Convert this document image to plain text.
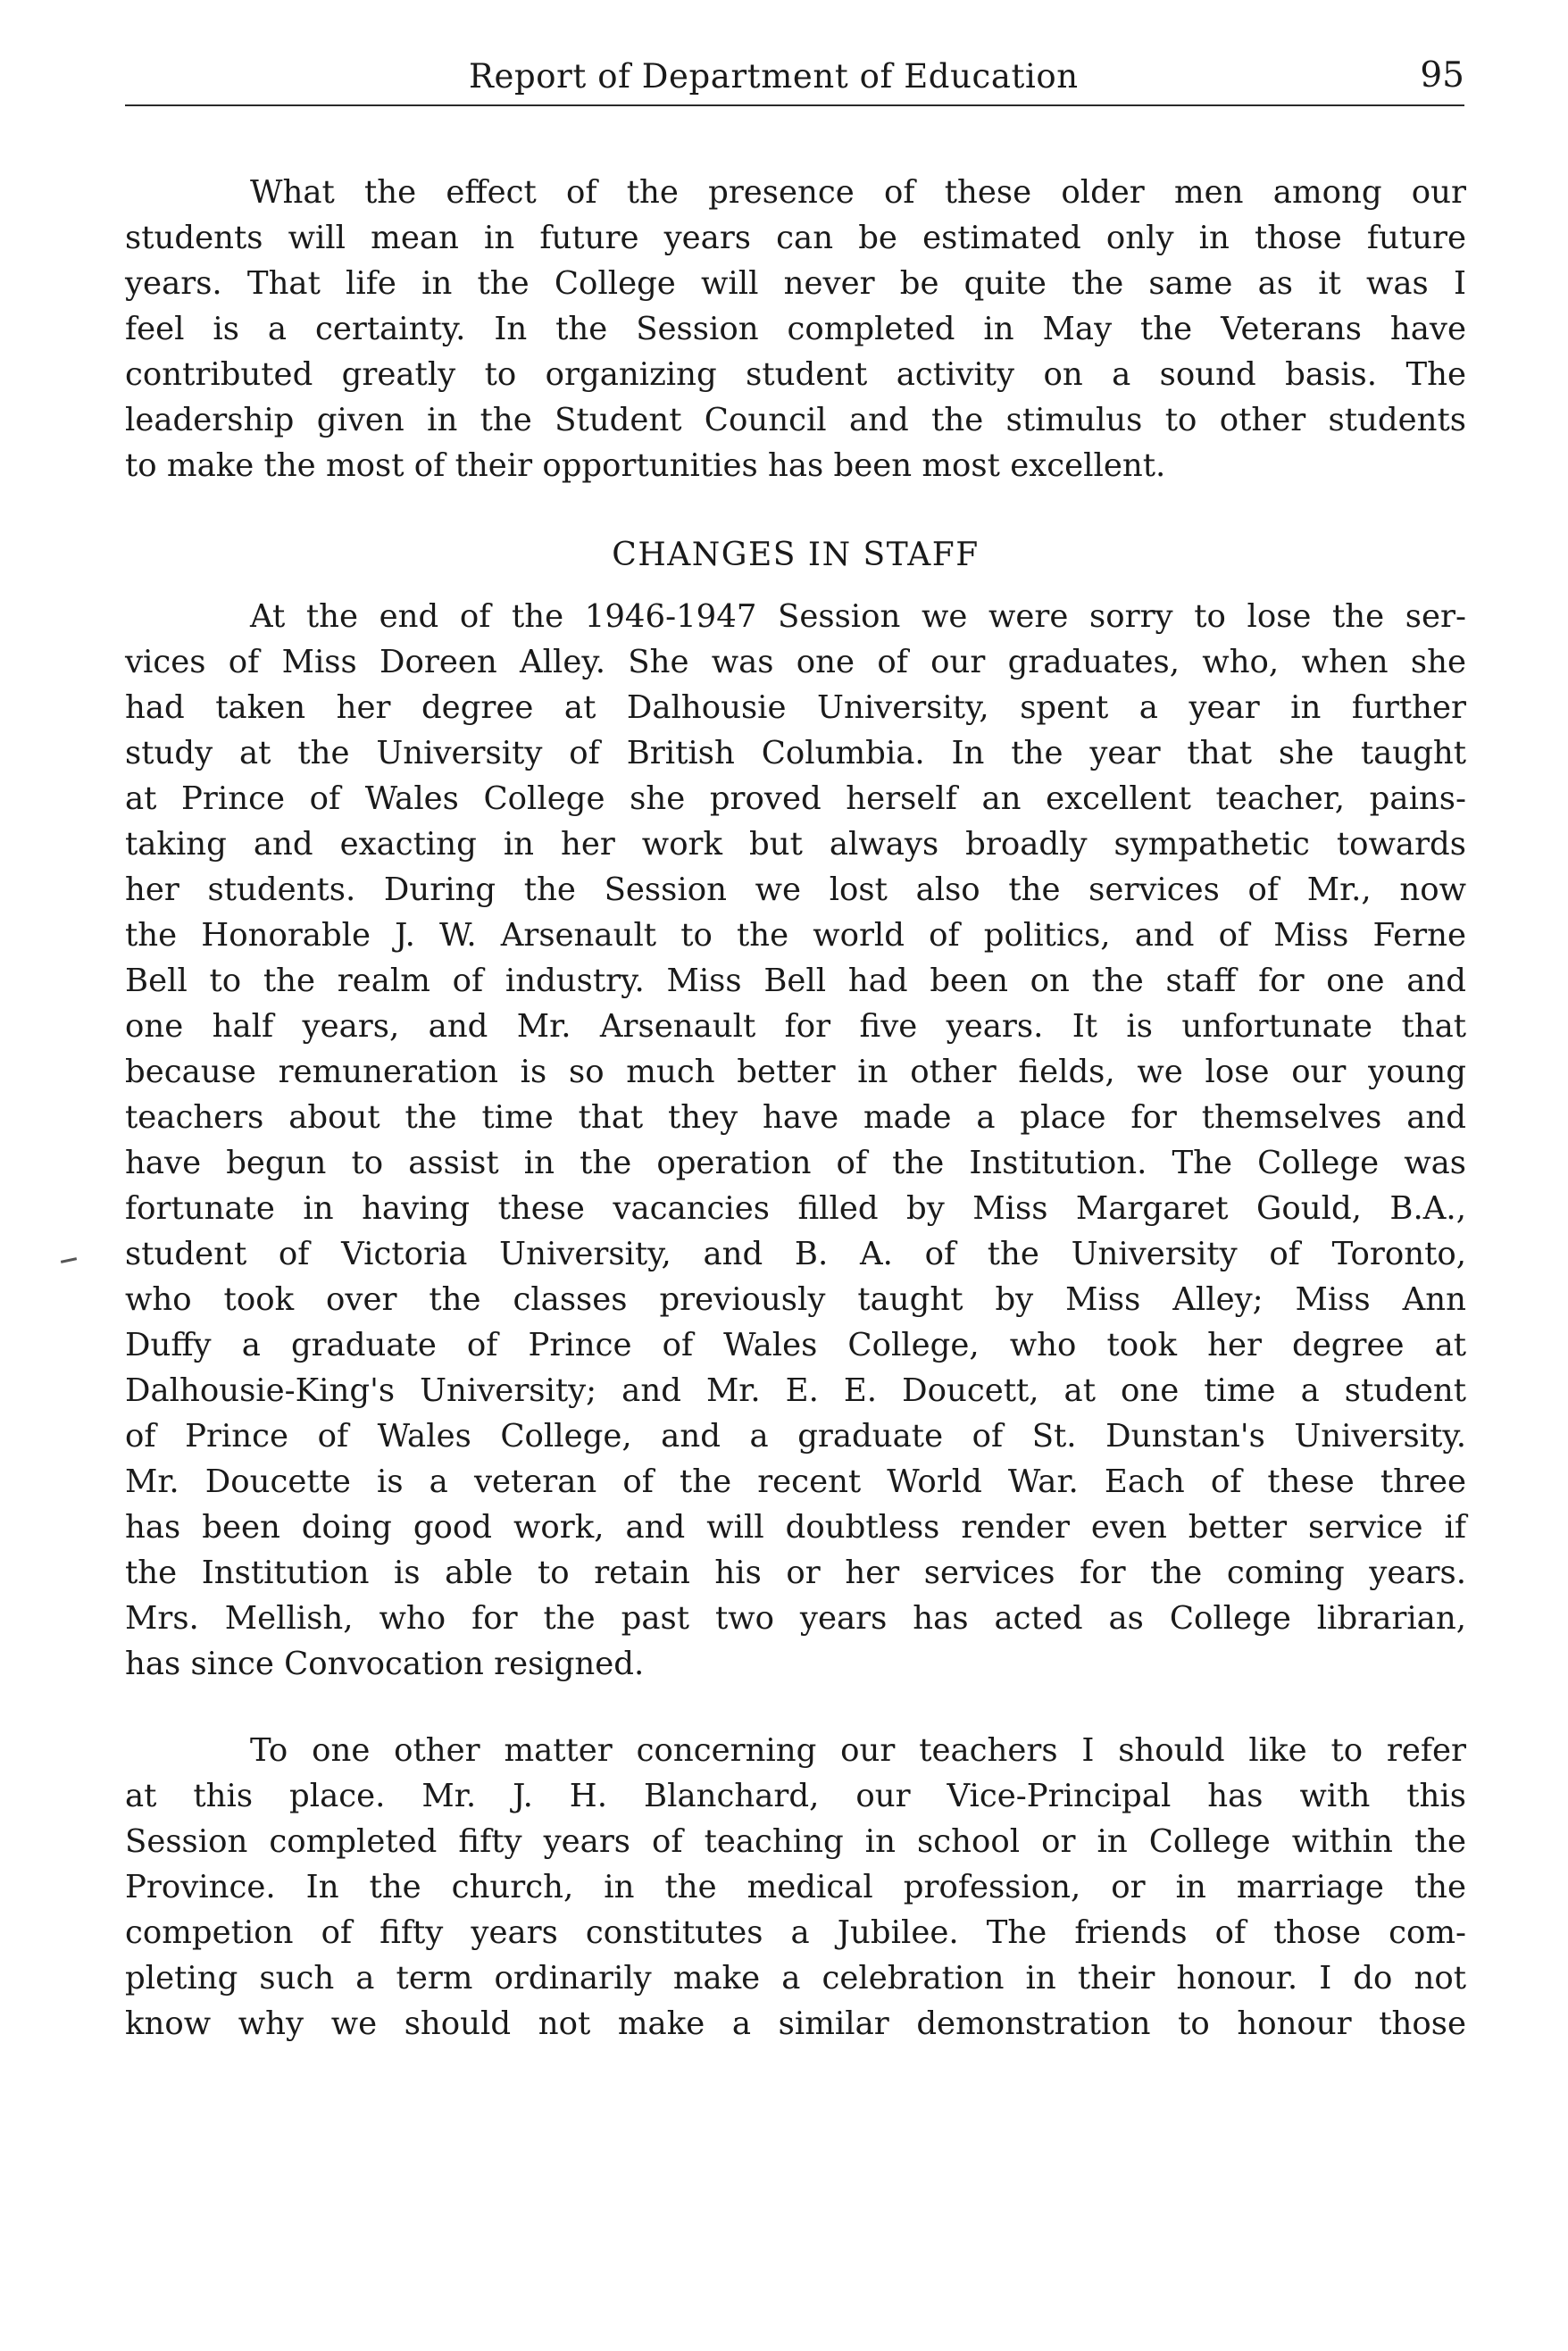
Report of Department of Education	95
What the effect of the presence of these older men among our
students will mean in future years can be estimated only in those future
years. That life in the College will never be quite the same as it was I
feel is a certainty. In the Session completed in May the Veterans have
contributed greatly to organizing student activity on a sound basis. The
leadership given in the Student Council and the stimulus to other students
to make the most of their opportunities has been most excellent.
CHANGES IN STAFF
At the end of the 1946-1947 Session we were sorry to lose the ser-
vices of Miss Doreen Alley. She was one of our graduates, who, when she
had taken her degree at Dalhousie University, spent a year in further
study at the University of British Columbia. In the year that she taught
at Prince of Wales College she proved herself an excellent teacher, pains-
taking and exacting in her work but always broadly sympathetic towards
her students. During the Session we lost also the services of Mr., now
the Honorable J. W. Arsenault to the world of politics, and of Miss Ferne
Bell to the realm of industry. Miss Bell had been on the staff for one and
one half years, and Mr. Arsenault for five years. It is unfortunate that
because remuneration is so much better in other fields, we lose our young
teachers about the time that they have made a place for themselves and
have begun to assist in the operation of the Institution. The College was
fortunate in having these vacancies filled by Miss Margaret Gould, B.A.,
student of Victoria University, and B. A. of the University of Toronto,
who took over the classes previously taught by Miss Alley; Miss Ann
Duffy a graduate of Prince of Wales College, who took her degree at
Dalhousie-King's University; and Mr. E. E. Doucett, at one time a student
of Prince of Wales College, and a graduate of St. Dunstan's University.
Mr. Doucette is a veteran of the recent World War. Each of these three
has been doing good work, and will doubtless render even better service if
the Institution is able to retain his or her services for the coming years.
Mrs. Mellish, who for the past two years has acted as College librarian,
has since Convocation resigned.
To one other matter concerning our teachers I should like to refer
at this place. Mr. J. H. Blanchard, our Vice-Principal has with this
Session completed fifty years of teaching in school or in College within the
Province. In the church, in the medical profession, or in marriage the
competion of fifty years constitutes a Jubilee. The friends of those com-
pleting such a term ordinarily make a celebration in their honour. I do not
know why we should not make a similar demonstration to honour those
